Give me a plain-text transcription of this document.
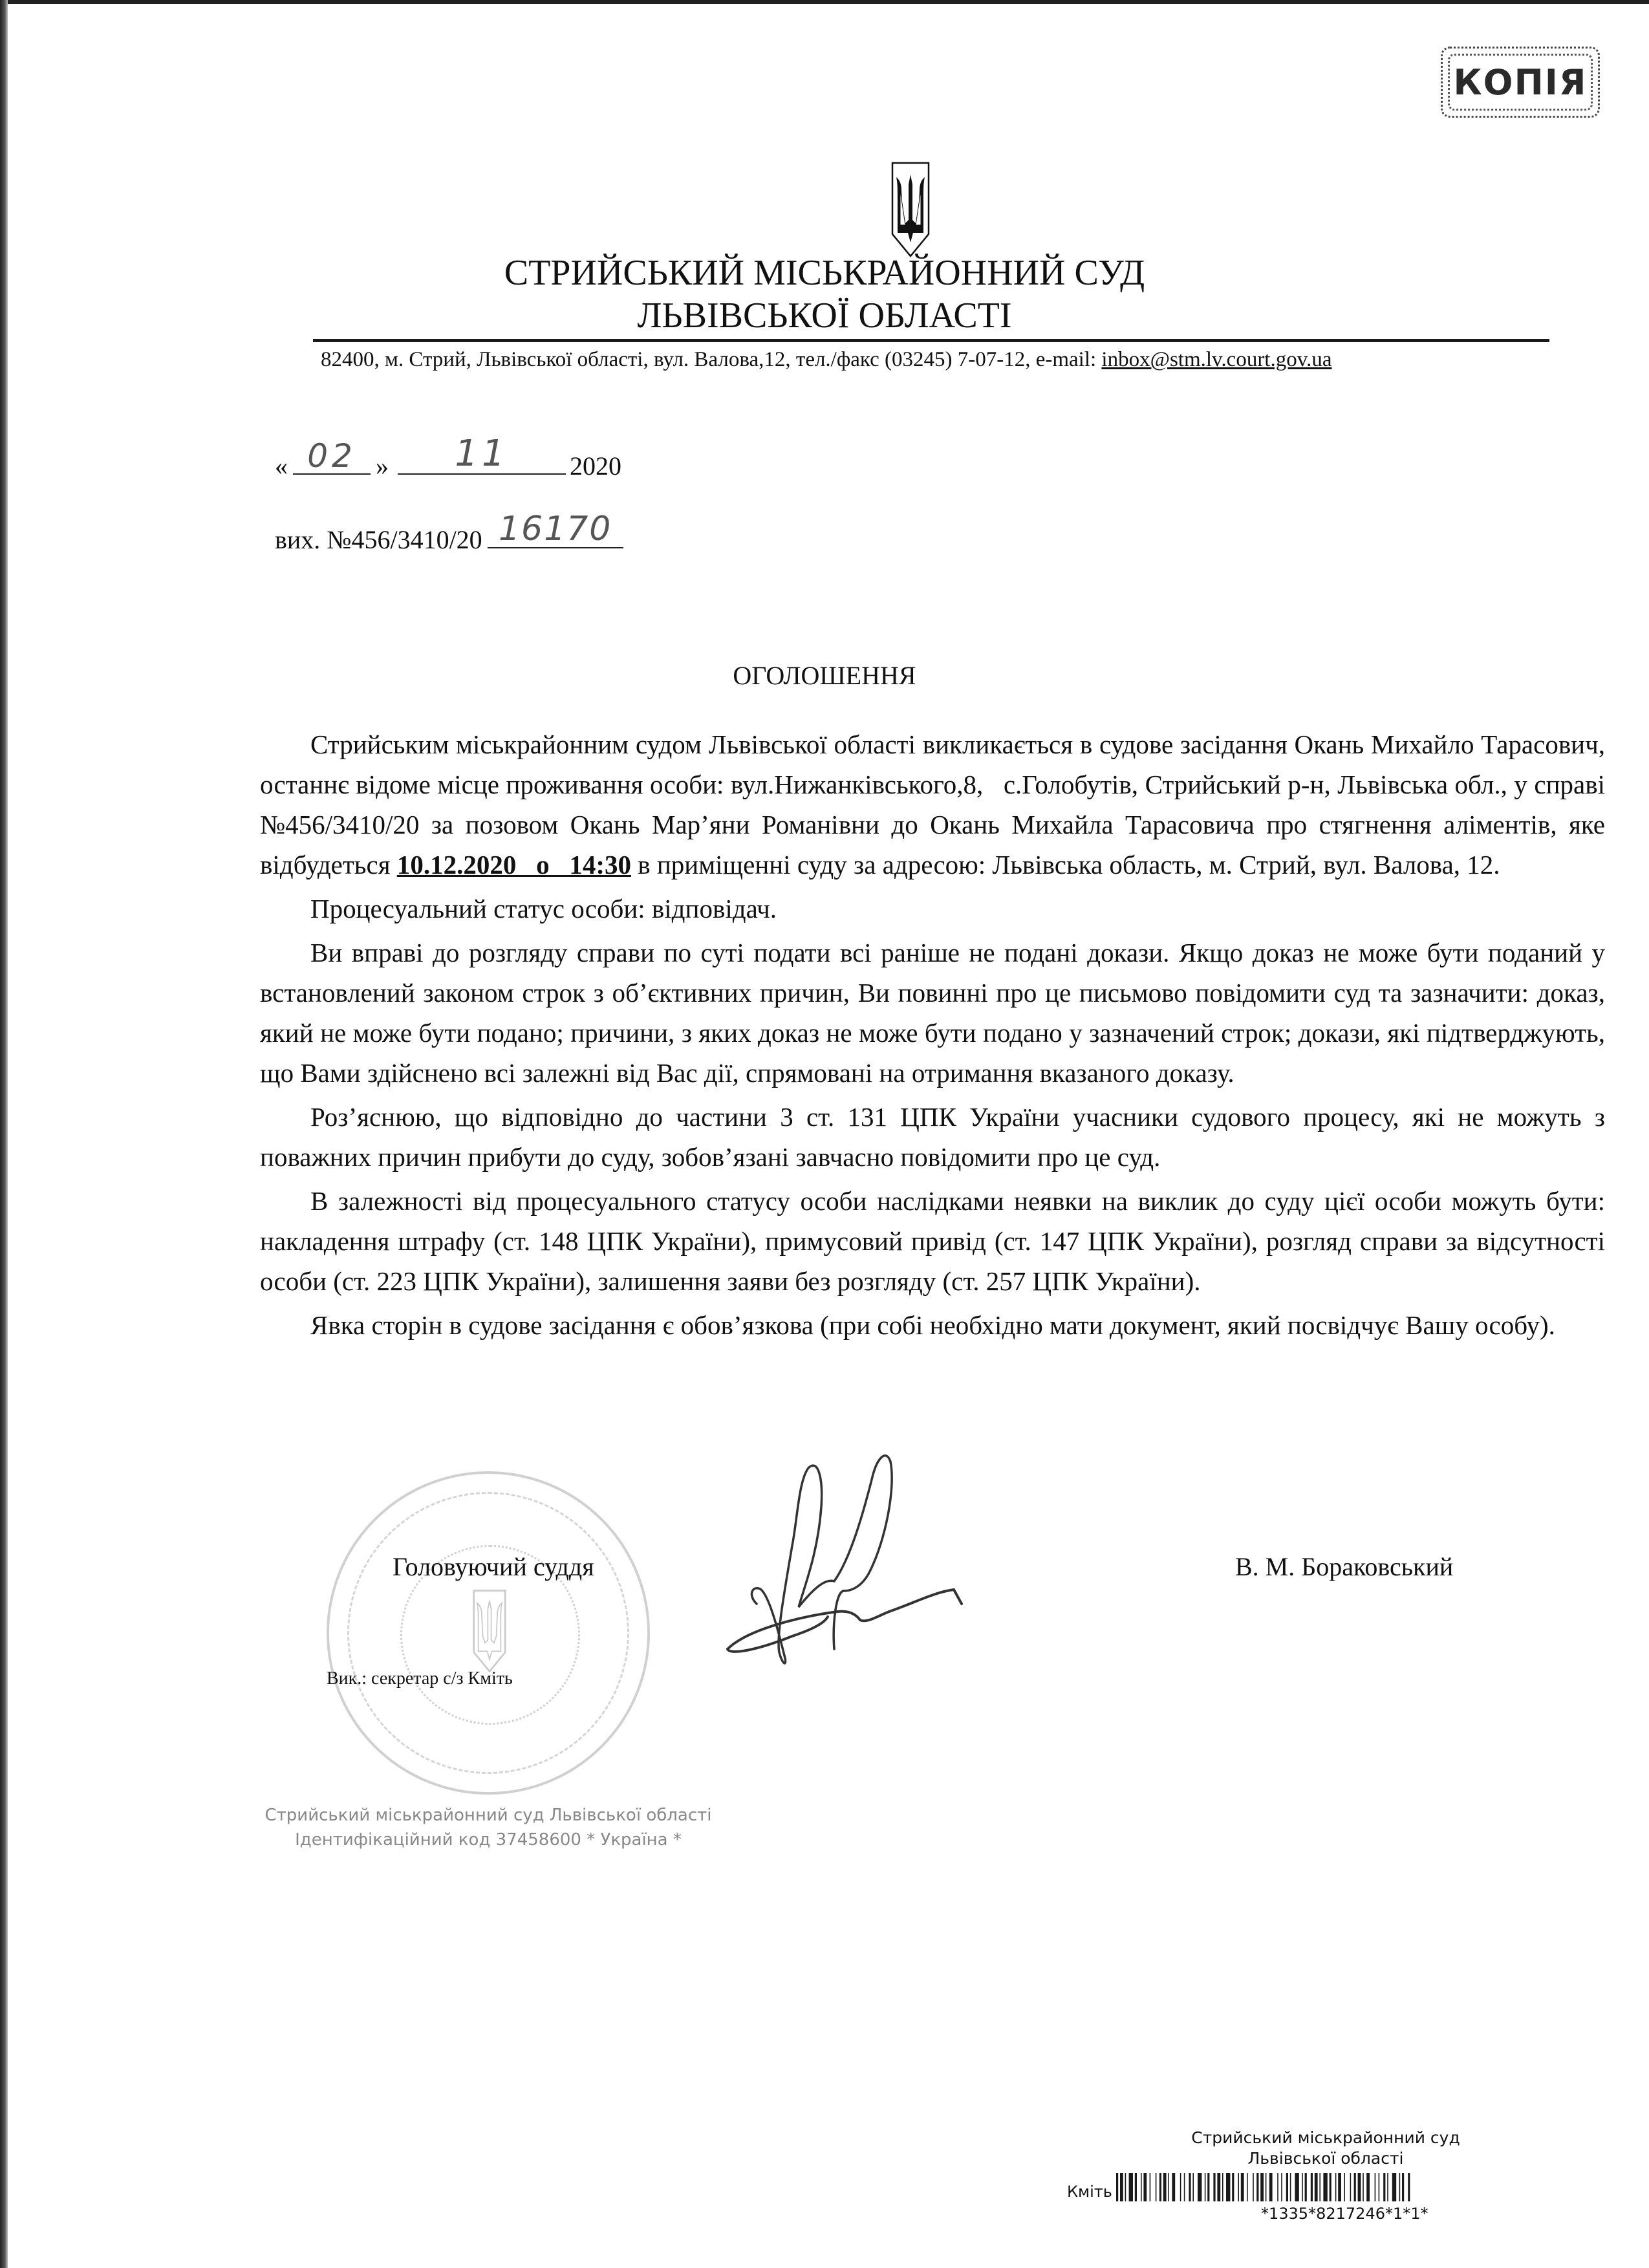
КОПІЯ
СТРИЙСЬКИЙ МІСЬКРАЙОННИЙ СУД
ЛЬВІВСЬКОЇ ОБЛАСТІ
82400, м. Стрий, Львівської області, вул. Валова,12, тел./факс (03245) 7-07-12, e-mail: inbox@stm.lv.court.gov.ua
« 02 »	11	2020
вих. №456/3410/20 16170
ОГОЛОШЕННЯ
Стрийським міськрайонним судом Львівської області викликається в судове засідання Окань Михайло Тарасович,
останнє відоме місце проживання особи: вул.Нижанківського,8,   с.Голобутів, Стрийський р-н, Львівська обл., у справі
№456/3410/20 за позовом Окань Мар’яни Романівни до Окань Михайла Тарасовича про стягнення аліментів, яке
відбудеться 10.12.2020   о   14:30 в приміщенні суду за адресою: Львівська область, м. Стрий, вул. Валова, 12.
Процесуальний статус особи: відповідач.
Ви вправі до розгляду справи по суті подати всі раніше не подані докази. Якщо доказ не може бути поданий у
встановлений законом строк з об’єктивних причин, Ви повинні про це письмово повідомити суд та зазначити: доказ,
який не може бути подано; причини, з яких доказ не може бути подано у зазначений строк; докази, які підтверджують,
що Вами здійснено всі залежні від Вас дії, спрямовані на отримання вказаного доказу.
Роз’яснюю, що відповідно до частини 3 ст. 131 ЦПК України учасники судового процесу, які не можуть з
поважних причин прибути до суду, зобов’язані завчасно повідомити про це суд.
В залежності від процесуального статусу особи наслідками неявки на виклик до суду цієї особи можуть бути:
накладення штрафу (ст. 148 ЦПК України), примусовий привід (ст. 147 ЦПК України), розгляд справи за відсутності
особи (ст. 223 ЦПК України), залишення заяви без розгляду (ст. 257 ЦПК України).
Явка сторін в судове засідання є обов’язкова (при собі необхідно мати документ, який посвідчує Вашу особу).
Стрийський міськрайонний суд Львівської області
Ідентифікаційний код 37458600 * Україна *
Головуючий суддя	В. М. Бораковський
Вик.: секретар с/з Кміть
Стрийський міськрайонний суд
Львівської області
Кміть
*1335*8217246*1*1*
